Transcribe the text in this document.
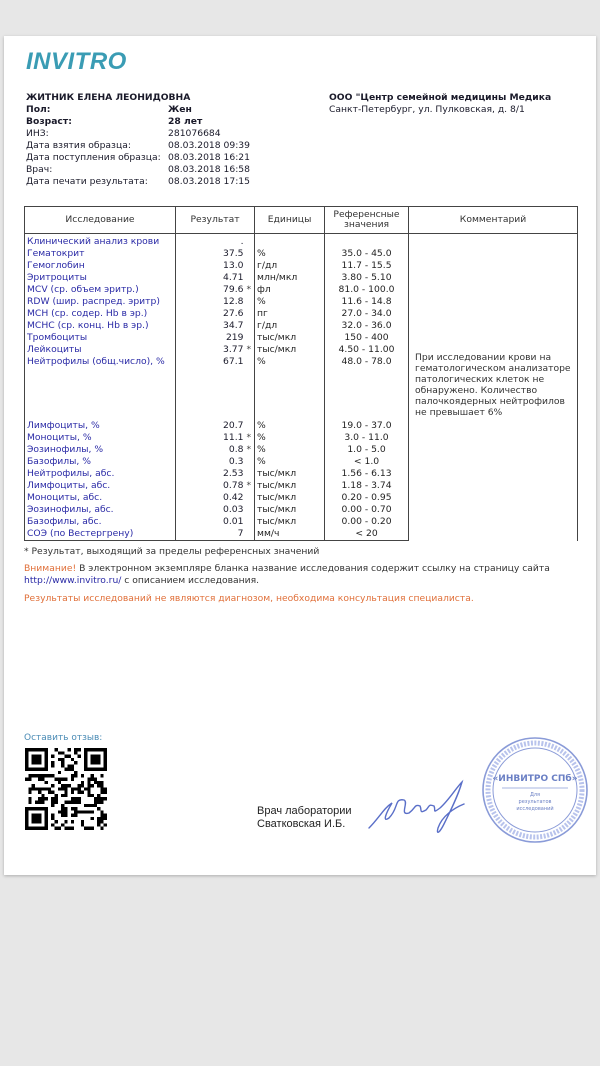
INVITRO
ЖИТНИК ЕЛЕНА ЛЕОНИДОВНА
Пол:	Жен
Возраст:	28 лет
ИНЗ:	281076684
Дата взятия образца:	08.03.2018 09:39
Дата поступления образца: 08.03.2018 16:21
Врач:	08.03.2018 16:58
Дата печати результата:	08.03.2018 17:15
ООО "Центр семейной медицины Медика
Санкт-Петербург, ул. Пулковская, д. 8/1
Исследование	Результат		Единицы	Референсные значения	Комментарий
Клинический анализ крови	.				При исследовании крови на гематологическом анализаторе патологических клеток не обнаружено. Количество палочкоядерных нейтрофилов не превышает 6%

Гематокрит	37.5		%	35.0 - 45.0	
Гемоглобин	13.0		г/дл	11.7 - 15.5	
Эритроциты	4.71		млн/мкл	3.80 - 5.10	
MCV (ср. объем эритр.)	79.6	*	фл	81.0 - 100.0	
RDW (шир. распред. эритр)	12.8		%	11.6 - 14.8	
MCH (ср. содер. Hb в эр.)	27.6		пг	27.0 - 34.0	
MCHC (ср. конц. Hb в эр.)	34.7		г/дл	32.0 - 36.0	
Тромбоциты	219		тыс/мкл	150 - 400	
Лейкоциты	3.77	*	тыс/мкл	4.50 - 11.00	
Нейтрофилы (общ.число), %	67.1		%	48.0 - 78.0	
Лимфоциты, %	20.7		%	19.0 - 37.0	
Моноциты, %	11.1	*	%	3.0 - 11.0	
Эозинофилы, %	0.8	*	%	1.0 - 5.0	
Базофилы, %	0.3		%	< 1.0	
Нейтрофилы, абс.	2.53		тыс/мкл	1.56 - 6.13	
Лимфоциты, абс.	0.78	*	тыс/мкл	1.18 - 3.74	
Моноциты, абс.	0.42		тыс/мкл	0.20 - 0.95	
Эозинофилы, абс.	0.03		тыс/мкл	0.00 - 0.70	
Базофилы, абс.	0.01		тыс/мкл	0.00 - 0.20	
СОЭ (по Вестергрену)	7		мм/ч	< 20	
* Результат, выходящий за пределы референсных значений
Внимание! В электронном экземпляре бланка название исследования содержит ссылку на страницу сайта
http://www.invitro.ru/ с описанием исследования.
Результаты исследований не являются диагнозом, необходима консультация специалиста.
Оставить отзыв:
Врач лаборатории
Сватковская И.Б.
«ИНВИТРО СПб»
Для
результатов
исследований
